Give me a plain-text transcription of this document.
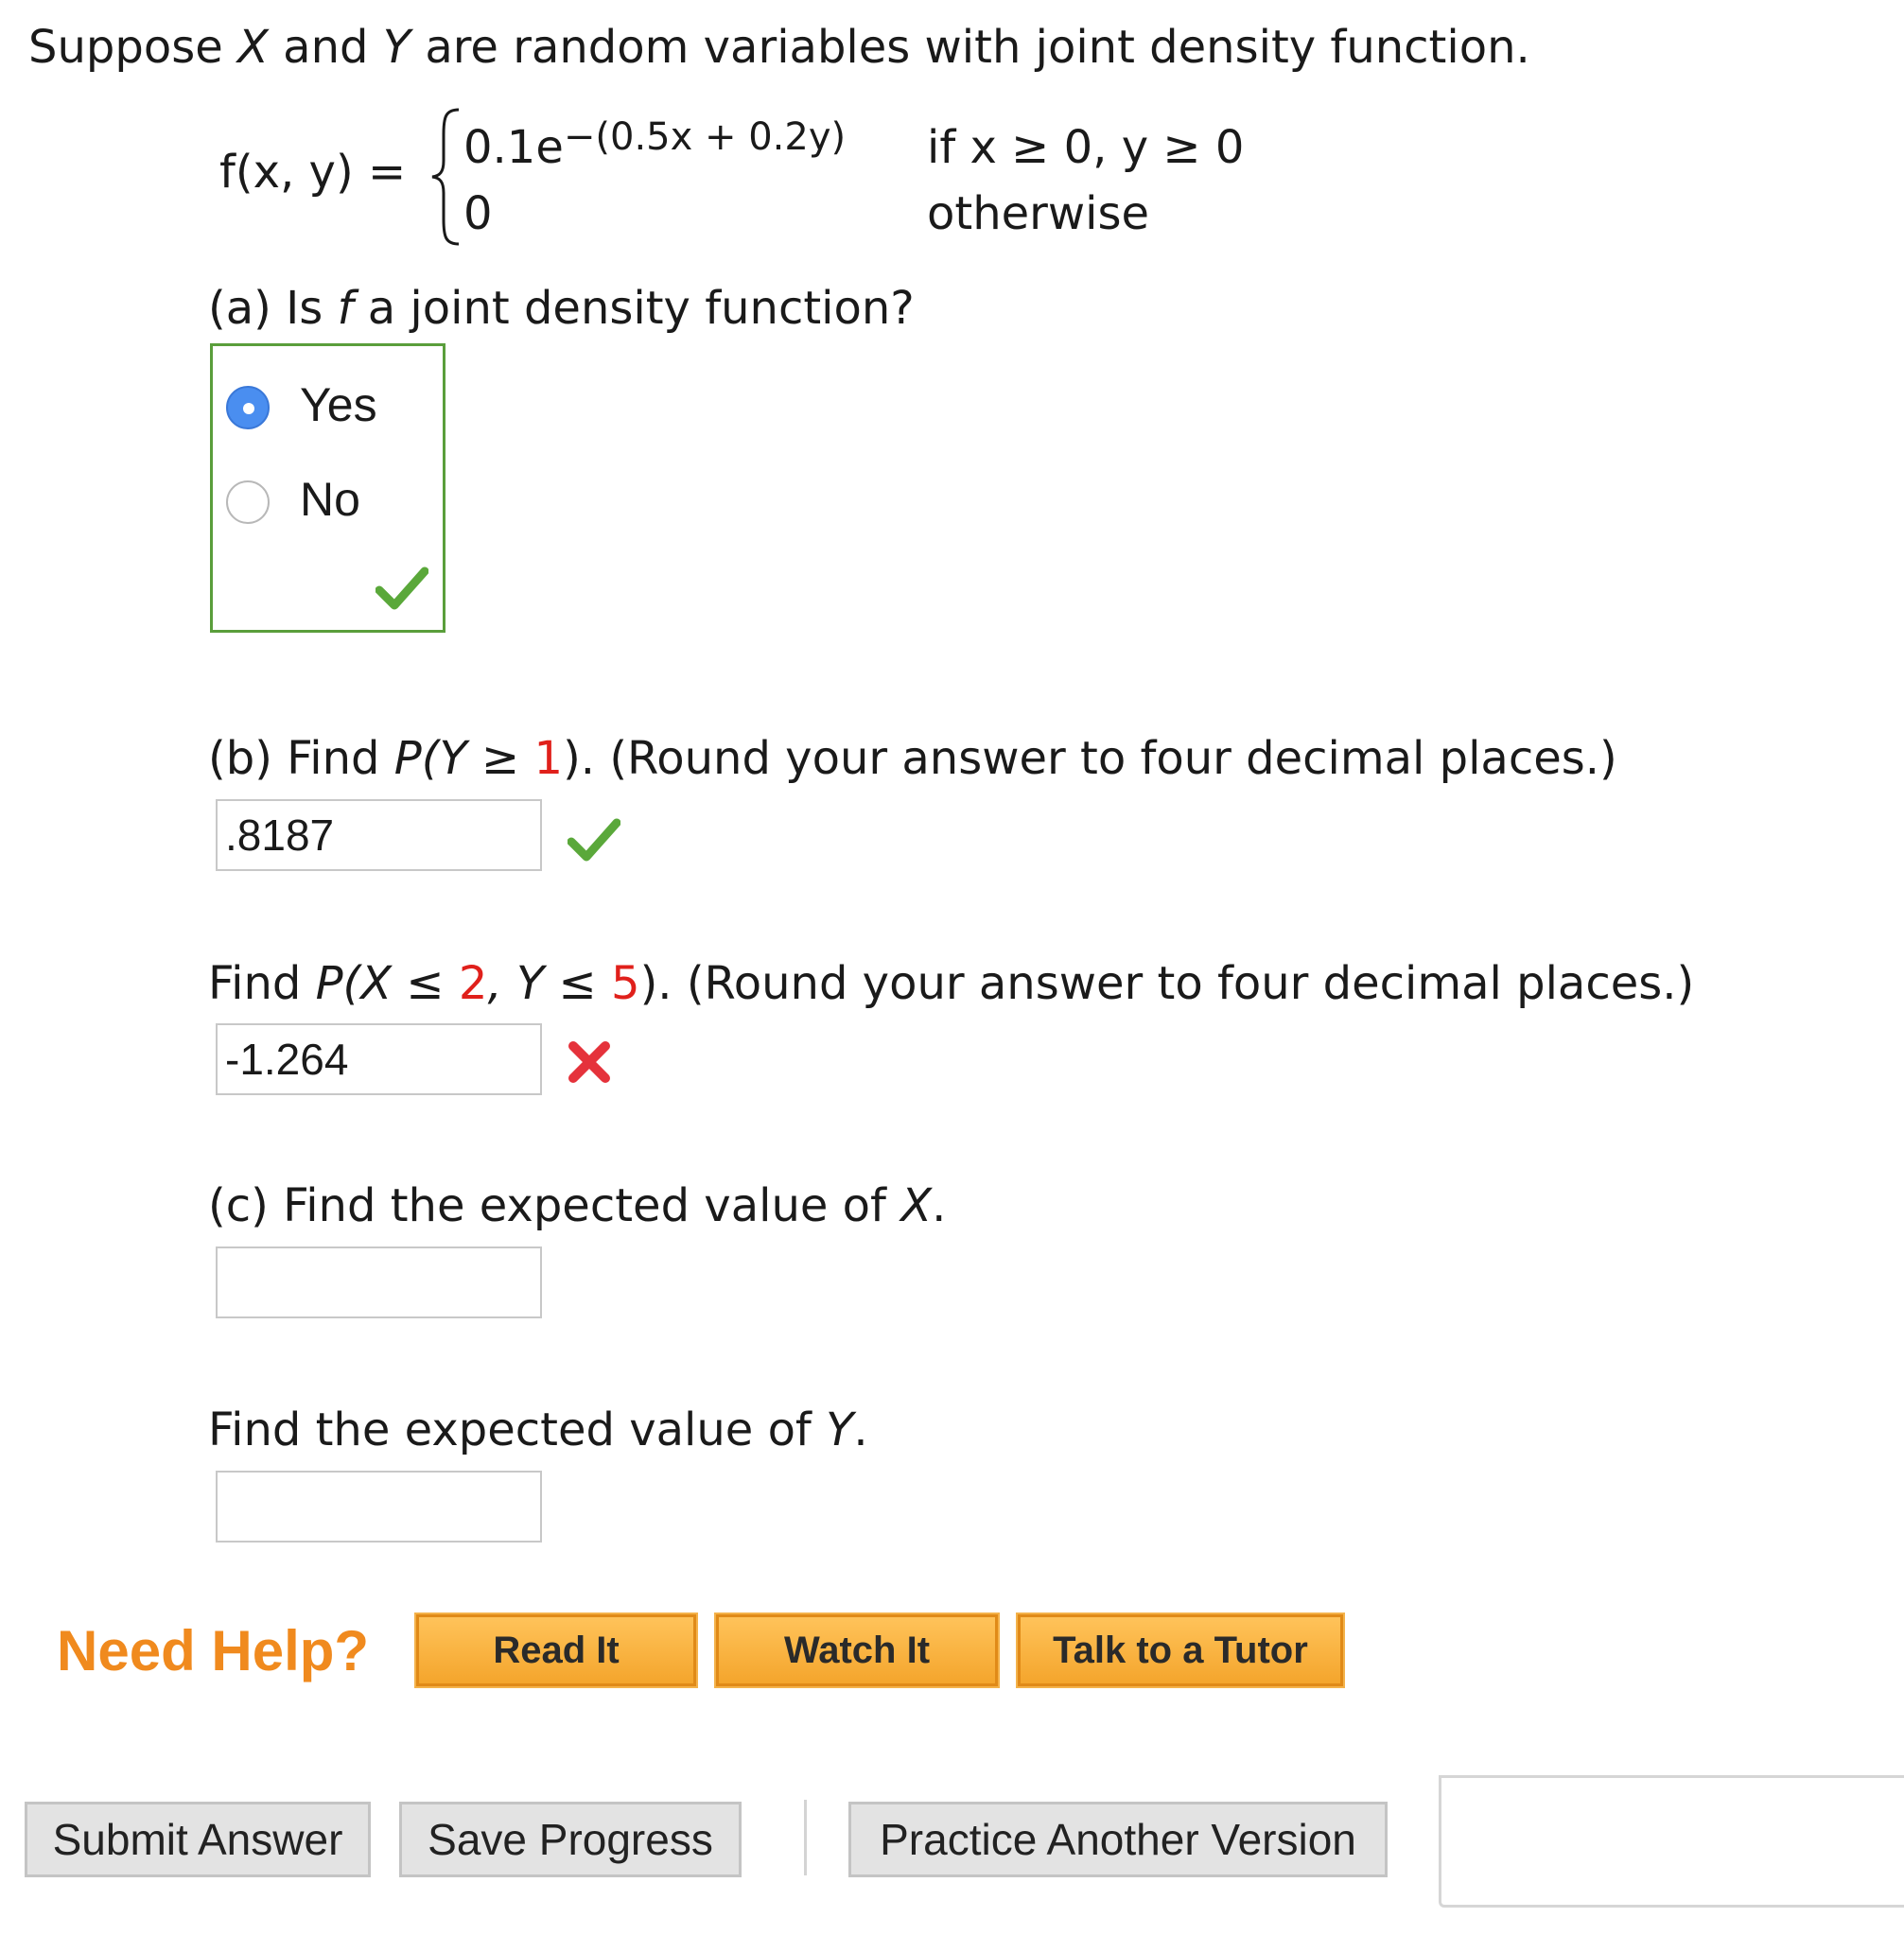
Suppose X and Y are random variables with joint density function.
f(x, $y) = 0.1e^{-(0.5x + 0.2y)}$ if x ≥ 0, y ≥ 0
0	otherwise
(a) Is f a joint density function?
Yes
No
(b) Find P(Y ≥ 1). (Round your answer to four decimal places.)
.8187
Find P(X ≤ 2, Y ≤ 5). (Round your answer to four decimal places.)
-1.264
(c) Find the expected value of X.
Find the expected value of Y.
Need Help?	Read It	Watch It	Talk to a Tutor
Submit Answer	Save Progress	Practice Another Version
